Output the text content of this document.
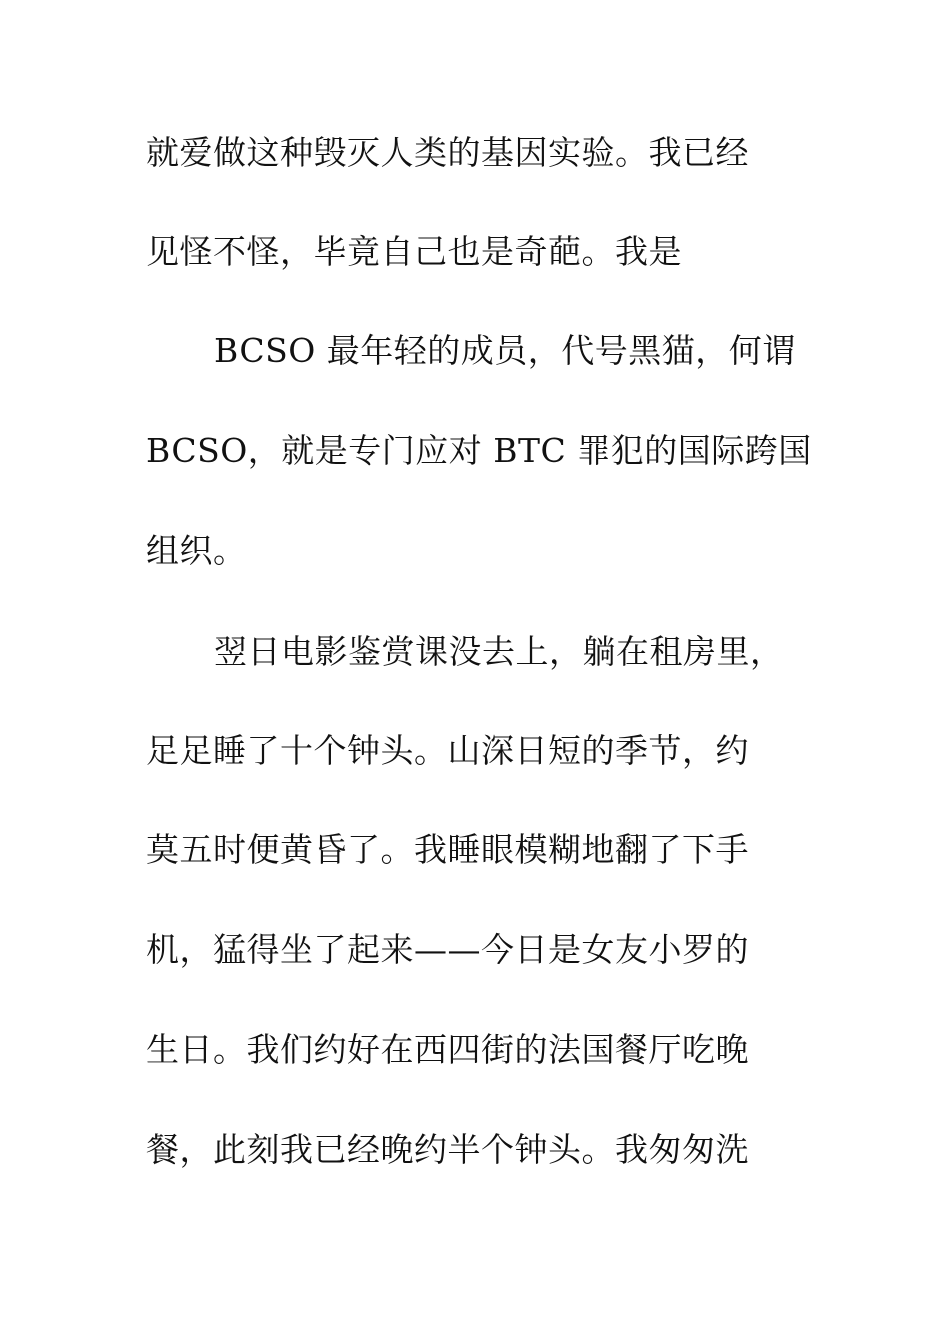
就爱做这种毁灭人类的基因实验。我已经
见怪不怪，毕竟自己也是奇葩。我是
BCSO 最年轻的成员，代号黑猫，何谓
BCSO，就是专门应对 BTC 罪犯的国际跨国
组织。
翌日电影鉴赏课没去上，躺在租房里，
足足睡了十个钟头。山深日短的季节，约
莫五时便黄昏了。我睡眼模糊地翻了下手
机，猛得坐了起来——今日是女友小罗的
生日。我们约好在西四街的法国餐厅吃晚
餐，此刻我已经晚约半个钟头。我匆匆洗
